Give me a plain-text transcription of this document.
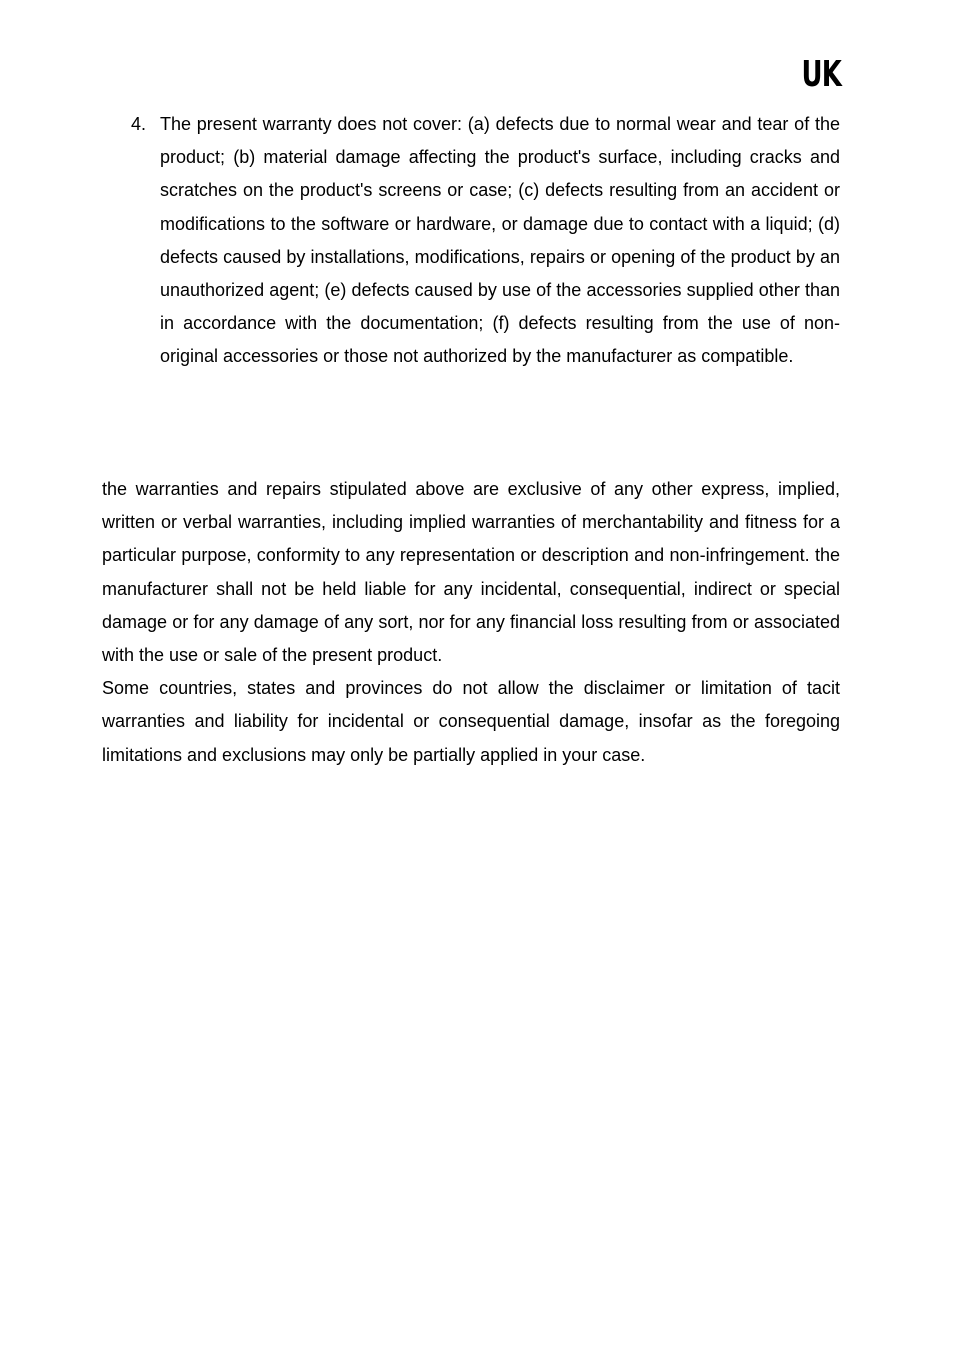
UK
4. The present warranty does not cover: (a) defects due to normal wear and tear of the product; (b) material damage affecting the product's surface, including cracks and scratches on the product's screens or case; (c) defects resulting from an accident or modifications to the software or hardware, or damage due to contact with a liquid; (d) defects caused by installations, modifications, repairs or opening of the product by an unauthorized agent; (e) defects caused by use of the accessories supplied other than in accordance with the documentation; (f) defects resulting from the use of non-original accessories or those not authorized by the manufacturer as compatible.

the warranties and repairs stipulated above are exclusive of any other express, implied, written or verbal warranties, including implied warranties of merchantability and fitness for a particular purpose, conformity to any representation or description and non-infringement. the manufacturer shall not be held liable for any incidental, consequential, indirect or special damage or for any damage of any sort, nor for any financial loss resulting from or associated with the use or sale of the present product.

Some countries, states and provinces do not allow the disclaimer or limitation of tacit warranties and liability for incidental or consequential damage, insofar as the foregoing limitations and exclusions may only be partially applied in your case.
